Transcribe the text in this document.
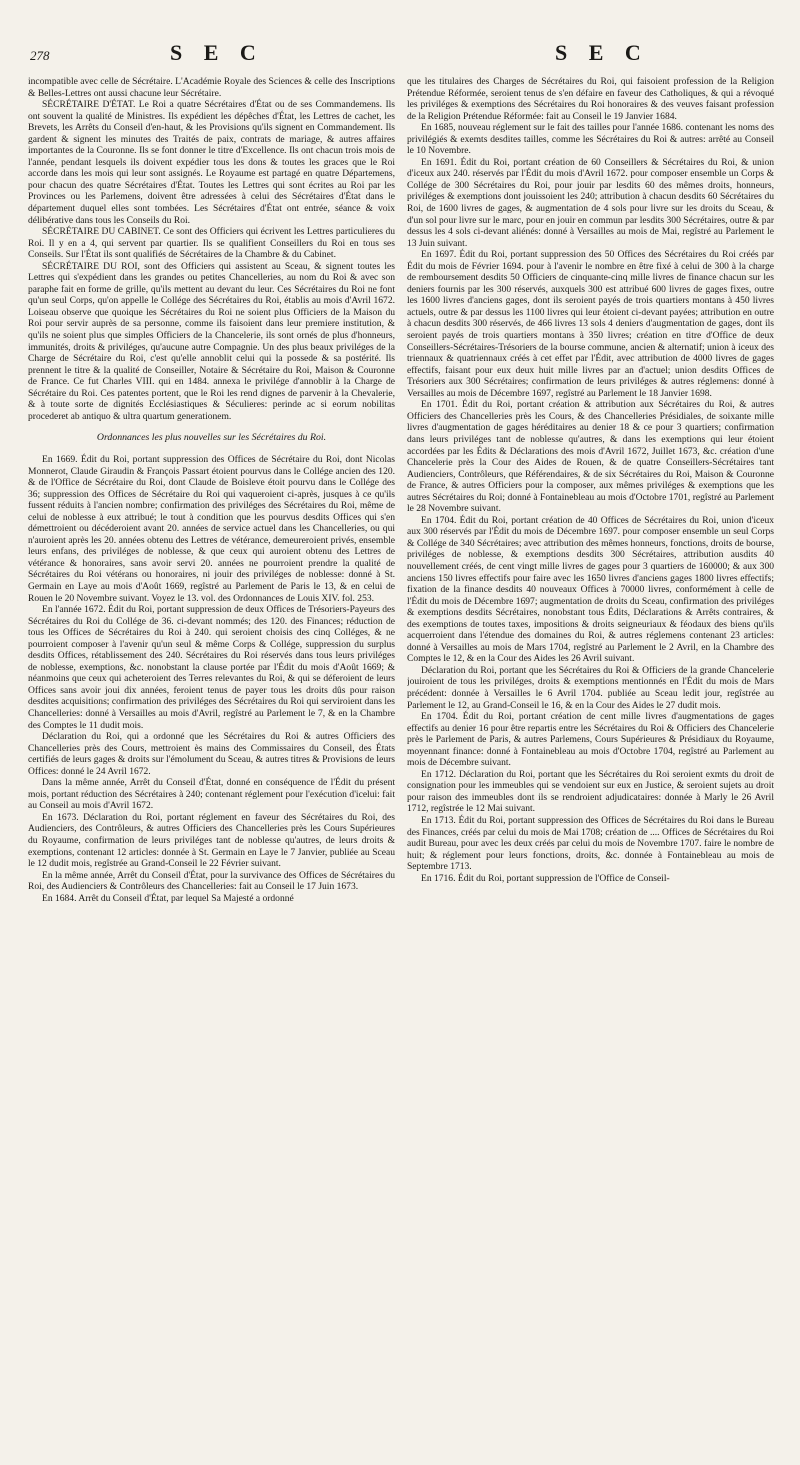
278	S E C	S E C

incompatible avec celle de Sécrétaire. L'Académie Royale des Sciences & celle des Inscriptions & Belles-Lettres ont aussi chacune leur Sécrétaire.

SÉCRÉTAIRE D'ÉTAT. Le Roi a quatre Sécrétaires d'État ou de ses Commandemens. Ils ont souvent la qualité de Ministres. Ils expédient les dépêches d'État, les Lettres de cachet, les Brevets, les Arrêts du Conseil d'en-haut, & les Provisions qu'ils signent en Commandement. Ils gardent & signent les minutes des Traités de paix, contrats de mariage, & autres affaires importantes de la Couronne. Ils se font donner le titre d'Excellence. Ils ont chacun trois mois de l'année, pendant lesquels ils doivent expédier tous les dons & toutes les graces que le Roi accorde dans les mois qui leur sont assignés. Le Royaume est partagé en quatre Départemens, pour chacun des quatre Sécrétaires d'État. Toutes les Lettres qui sont écrites au Roi par les Provinces ou les Parlemens, doivent être adressées à celui des Sécrétaires d'État dans le département duquel elles sont tombées. Les Sécrétaires d'État ont entrée, séance & voix délibérative dans tous les Conseils du Roi.

SÉCRÉTAIRE DU CABINET. Ce sont des Officiers qui écrivent les Lettres particulieres du Roi. Il y en a 4, qui servent par quartier. Ils se qualifient Conseillers du Roi en tous ses Conseils. Sur l'État ils sont qualifiés de Sécrétaires de la Chambre & du Cabinet.

SÉCRÉTAIRE DU ROI, sont des Officiers qui assistent au Sceau, & signent toutes les Lettres qui s'expédient dans les grandes ou petites Chancelleries, au nom du Roi & avec son paraphe fait en forme de grille, qu'ils mettent au devant du leur. Ces Sécrétaires du Roi ne font qu'un seul Corps, qu'on appelle le Collége des Sécrétaires du Roi, établis au mois d'Avril 1672. Loiseau observe que quoique les Sécrétaires du Roi ne soient plus Officiers de la Maison du Roi pour servir auprès de sa personne, comme ils faisoient dans leur premiere institution, & qu'ils ne soient plus que simples Officiers de la Chancelerie, ils sont ornés de plus d'honneurs, immunités, droits & priviléges, qu'aucune autre Compagnie. Un des plus beaux priviléges de la Charge de Sécrétaire du Roi, c'est qu'elle annoblit celui qui la possede & sa postérité. Ils prennent le titre & la qualité de Conseiller, Notaire & Sécrétaire du Roi, Maison & Couronne de France. Ce fut Charles VIII. qui en 1484. annexa le privilége d'annoblir à la Charge de Sécrétaire du Roi. Ces patentes portent, que le Roi les rend dignes de parvenir à la Chevalerie, & à toute sorte de dignités Ecclésiastiques & Séculieres: perinde ac si eorum nobilitas procederet ab antiquo & ultra quartum generationem.

Ordonnances les plus nouvelles sur les Sécrétaires du Roi.

En 1669. Édit du Roi, portant suppression des Offices de Sécrétaire du Roi, dont Nicolas Monnerot, Claude Giraudin & François Passart étoient pourvus dans le Collége ancien des 120. & de l'Office de Sécrétaire du Roi, dont Claude de Boisleve étoit pourvu dans le Collége des 36; suppression des Offices de Sécrétaire du Roi qui vaqueroient ci-après, jusques à ce qu'ils fussent réduits à l'ancien nombre; confirmation des priviléges des Sécrétaires du Roi, même de celui de noblesse à eux attribué; le tout à condition que les pourvus desdits Offices qui s'en démettroient ou décéderoient avant 20. années de service actuel dans les Chancelleries, ou qui n'auroient après les 20. années obtenu des Lettres de vétérance, demeureroient privés, ensemble leurs enfans, des priviléges de noblesse, & que ceux qui auroient obtenu des Lettres de vétérance & honoraires, sans avoir servi 20. années ne pourroient prendre la qualité de Sécrétaires du Roi vétérans ou honoraires, ni jouir des priviléges de noblesse: donné à St. Germain en Laye au mois d'Août 1669, regîstré au Parlement de Paris le 13, & en celui de Rouen le 20 Novembre suivant. Voyez le 13. vol. des Ordonnances de Louis XIV. fol. 253.

En l'année 1672. Édit du Roi, portant suppression de deux Offices de Trésoriers-Payeurs des Sécrétaires du Roi du Collége de 36. ci-devant nommés; des 120. des Finances; réduction de tous les Offices de Sécrétaires du Roi à 240. qui seroient choisis des cinq Colléges, & ne pourroient composer à l'avenir qu'un seul & même Corps & Collége, suppression du surplus desdits Offices, rétablissement des 240. Sécrétaires du Roi réservés dans tous leurs priviléges de noblesse, exemptions, &c. nonobstant la clause portée par l'Édit du mois d'Août 1669; & néanmoins que ceux qui acheteroient des Terres relevantes du Roi, & qui se déferoient de leurs Offices sans avoir joui dix années, feroient tenus de payer tous les droits dûs pour raison desdites acquisitions; confirmation des priviléges des Sécrétaires du Roi qui serviroient dans les Chancelleries: donné à Versailles au mois d'Avril, regîstré au Parlement le 7, & en la Chambre des Comptes le 11 dudit mois.

Déclaration du Roi, qui a ordonné que les Sécrétaires du Roi & autres Officiers des Chancelleries près des Cours, mettroient ès mains des Commissaires du Conseil, des États certifiés de leurs gages & droits sur l'émolument du Sceau, & autres titres & Provisions de leurs Offices: donné le 24 Avril 1672.

Dans la même année, Arrêt du Conseil d'État, donné en conséquence de l'Édit du présent mois, portant réduction des Sécrétaires à 240; contenant réglement pour l'exécution d'icelui: fait au Conseil au mois d'Avril 1672.

En 1673. Déclaration du Roi, portant réglement en faveur des Sécrétaires du Roi, des Audienciers, des Contrôleurs, & autres Officiers des Chancelleries près les Cours Supérieures du Royaume, confirmation de leurs priviléges tant de noblesse qu'autres, de leurs droits & exemptions, contenant 12 articles: donnée à St. Germain en Laye le 7 Janvier, publiée au Sceau le 12 dudit mois, regîstrée au Grand-Conseil le 22 Février suivant.

En la même année, Arrêt du Conseil d'État, pour la survivance des Offices de Sécrétaires du Roi, des Audienciers & Contrôleurs des Chancelleries: fait au Conseil le 17 Juin 1673.

En 1684. Arrêt du Conseil d'État, par lequel Sa Majesté a ordonné

que les titulaires des Charges de Sécrétaires du Roi, qui faisoient profession de la Religion Prétendue Réformée, seroient tenus de s'en défaire en faveur des Catholiques, & qui a révoqué les priviléges & exemptions des Sécrétaires du Roi honoraires & des veuves faisant profession de la Religion Prétendue Réformée: fait au Conseil le 19 Janvier 1684.

En 1685, nouveau réglement sur le fait des tailles pour l'année 1686. contenant les noms des privilégiés & exemts desdites tailles, comme les Sécrétaires du Roi & autres: arrêté au Conseil le 10 Novembre.

En 1691. Édit du Roi, portant création de 60 Conseillers & Sécrétaires du Roi, & union d'iceux aux 240. réservés par l'Édit du mois d'Avril 1672. pour composer ensemble un Corps & Collége de 300 Sécrétaires du Roi, pour jouir par lesdits 60 des mêmes droits, honneurs, priviléges & exemptions dont jouissoient les 240; attribution à chacun desdits 60 Sécrétaires du Roi, de 1600 livres de gages, & augmentation de 4 sols pour livre sur les droits du Sceau, & d'un sol pour livre sur le marc, pour en jouir en commun par lesdits 300 Sécrétaires, outre & par dessus les 4 sols ci-devant aliénés: donné à Versailles au mois de Mai, regîstré au Parlement le 13 Juin suivant.

En 1697. Édit du Roi, portant suppression des 50 Offices des Sécrétaires du Roi créés par Édit du mois de Février 1694. pour à l'avenir le nombre en être fixé à celui de 300 à la charge de remboursement desdits 50 Officiers de cinquante-cinq mille livres de finance chacun sur les deniers fournis par les 300 réservés, auxquels 300 est attribué 600 livres de gages fixes, outre les 1600 livres d'anciens gages, dont ils seroient payés de trois quartiers montans à 450 livres actuels, outre & par dessus les 1100 livres qui leur étoient ci-devant payées; attribution en outre à chacun desdits 300 réservés, de 466 livres 13 sols 4 deniers d'augmentation de gages, dont ils seroient payés de trois quartiers montans à 350 livres; création en titre d'Office de deux Conseillers-Sécrétaires-Trésoriers de la bourse commune, ancien & alternatif; union à iceux des triennaux & quatriennaux créés à cet effet par l'Édit, avec attribution de 4000 livres de gages effectifs, faisant pour eux deux huit mille livres par an d'actuel; union desdits Offices de Trésoriers aux 300 Sécrétaires; confirmation de leurs priviléges & autres réglemens: donné à Versailles au mois de Décembre 1697, regîstré au Parlement le 18 Janvier 1698.

En 1701. Édit du Roi, portant création & attribution aux Sécrétaires du Roi, & autres Officiers des Chancelleries près les Cours, & des Chancelleries Présidiales, de soixante mille livres d'augmentation de gages héréditaires au denier 18 & ce pour 3 quartiers; confirmation dans leurs priviléges tant de noblesse qu'autres, & dans les exemptions qui leur étoient accordées par les Édits & Déclarations des mois d'Avril 1672, Juillet 1673, &c. création d'une Chancelerie près la Cour des Aides de Rouen, & de quatre Conseillers-Sécrétaires tant Audienciers, Contrôleurs, que Référendaires, & de six Sécrétaires du Roi, Maison & Couronne de France, & autres Officiers pour la composer, aux mêmes priviléges & exemptions que les autres Sécrétaires du Roi; donné à Fontainebleau au mois d'Octobre 1701, regîstré au Parlement le 28 Novembre suivant.

En 1704. Édit du Roi, portant création de 40 Offices de Sécrétaires du Roi, union d'iceux aux 300 réservés par l'Édit du mois de Décembre 1697. pour composer ensemble un seul Corps & Collége de 340 Sécrétaires; avec attribution des mêmes honneurs, fonctions, droits de bourse, priviléges de noblesse, & exemptions desdits 300 Sécrétaires, attribution ausdits 40 nouvellement créés, de cent vingt mille livres de gages pour 3 quartiers de 160000; & aux 300 anciens 150 livres effectifs pour faire avec les 1650 livres d'anciens gages 1800 livres effectifs; fixation de la finance desdits 40 nouveaux Offices à 70000 livres, conformément à celle de l'Édit du mois de Décembre 1697; augmentation de droits du Sceau, confirmation des priviléges & exemptions desdits Sécrétaires, nonobstant tous Édits, Déclarations & Arrêts contraires, & des exemptions de toutes taxes, impositions & droits seigneuriaux & féodaux des biens qu'ils acquerroient dans l'étendue des domaines du Roi, & autres réglemens contenant 23 articles: donné à Versailles au mois de Mars 1704, regîstré au Parlement le 2 Avril, en la Chambre des Comptes le 12, & en la Cour des Aides les 26 Avril suivant.

Déclaration du Roi, portant que les Sécrétaires du Roi & Officiers de la grande Chancelerie jouiroient de tous les priviléges, droits & exemptions mentionnés en l'Édit du mois de Mars précédent: donnée à Versailles le 6 Avril 1704. publiée au Sceau ledit jour, regîstrée au Parlement le 12, au Grand-Conseil le 16, & en la Cour des Aides le 27 dudit mois.

En 1704. Édit du Roi, portant création de cent mille livres d'augmentations de gages effectifs au denier 16 pour être repartis entre les Sécrétaires du Roi & Officiers des Chancelerie près le Parlement de Paris, & autres Parlemens, Cours Supérieures & Présidiaux du Royaume, moyennant finance: donné à Fontainebleau au mois d'Octobre 1704, regîstré au Parlement au mois de Décembre suivant.

En 1712. Déclaration du Roi, portant que les Sécrétaires du Roi seroient exmts du droit de consignation pour les immeubles qui se vendoient sur eux en Justice, & seroient sujets au droit pour raison des immeubles dont ils se rendroient adjudicataires: donnée à Marly le 26 Avril 1712, regîstrée le 12 Mai suivant.

En 1713. Édit du Roi, portant suppression des Offices de Sécrétaires du Roi dans le Bureau des Finances, créés par celui du mois de Mai 1708; création de .... Offices de Sécrétaires du Roi audit Bureau, pour avec les deux créés par celui du mois de Novembre 1707. faire le nombre de huit; & réglement pour leurs fonctions, droits, &c. donnée à Fontainebleau au mois de Septembre 1713.

En 1716. Édit du Roi, portant suppression de l'Office de Conseil-
